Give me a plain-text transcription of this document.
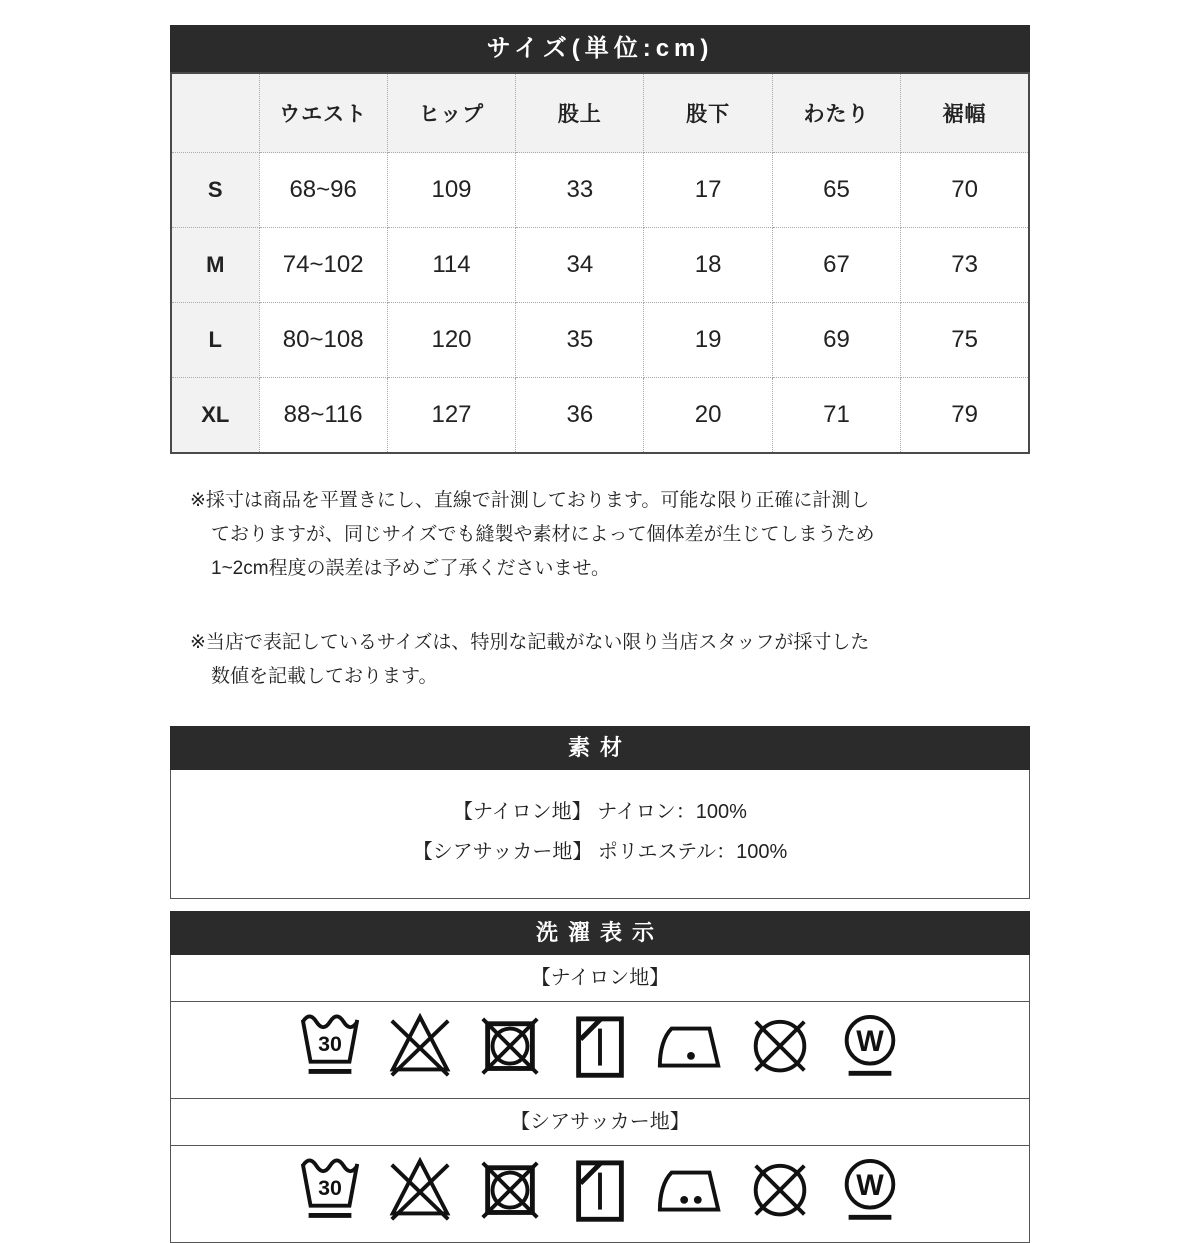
サイズ(単位:cm)
	ウエスト	ヒップ	股上	股下	わたり	裾幅
S	68~96	109	33	17	65	70
M	74~102	114	34	18	67	73
L	80~108	120	35	19	69	75
XL	88~116	127	36	20	71	79
※採寸は商品を平置きにし、直線で計測しております。可能な限り正確に計測し
ておりますが、同じサイズでも縫製や素材によって個体差が生じてしまうため
1~2cm程度の誤差は予めご了承くださいませ。
※当店で表記しているサイズは、特別な記載がない限り当店スタッフが採寸した
数値を記載しております。
素材
【ナイロン地】 ナイロン：100%
【シアサッカー地】 ポリエステル：100%
洗濯表示
【ナイロン地】
30	W
【シアサッカー地】
30	W
